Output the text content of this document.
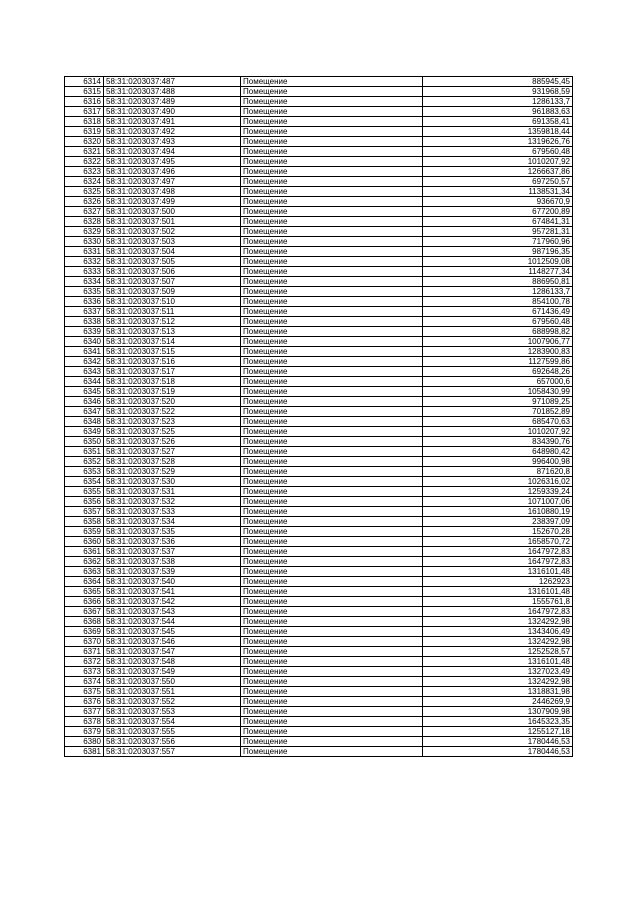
6314	58:31:0203037:487	Помещение	885945,45
6315	58:31:0203037:488	Помещение	931968,59
6316	58:31:0203037:489	Помещение	1286133,7
6317	58:31:0203037:490	Помещение	961883,63
6318	58:31:0203037:491	Помещение	691358,41
6319	58:31:0203037:492	Помещение	1359818,44
6320	58:31:0203037:493	Помещение	1319626,76
6321	58:31:0203037:494	Помещение	679560,48
6322	58:31:0203037:495	Помещение	1010207,92
6323	58:31:0203037:496	Помещение	1266637,86
6324	58:31:0203037:497	Помещение	697250,57
6325	58:31:0203037:498	Помещение	1138531,34
6326	58:31:0203037:499	Помещение	936670,9
6327	58:31:0203037:500	Помещение	677200,89
6328	58:31:0203037:501	Помещение	674841,31
6329	58:31:0203037:502	Помещение	957281,31
6330	58:31:0203037:503	Помещение	717960,96
6331	58:31:0203037:504	Помещение	987196,35
6332	58:31:0203037:505	Помещение	1012509,08
6333	58:31:0203037:506	Помещение	1148277,34
6334	58:31:0203037:507	Помещение	886950,81
6335	58:31:0203037:509	Помещение	1286133,7
6336	58:31:0203037:510	Помещение	854100,78
6337	58:31:0203037:511	Помещение	671436,49
6338	58:31:0203037:512	Помещение	679560,48
6339	58:31:0203037:513	Помещение	688998,82
6340	58:31:0203037:514	Помещение	1007906,77
6341	58:31:0203037:515	Помещение	1283900,83
6342	58:31:0203037:516	Помещение	1127599,86
6343	58:31:0203037:517	Помещение	692648,26
6344	58:31:0203037:518	Помещение	657000,6
6345	58:31:0203037:519	Помещение	1058430,99
6346	58:31:0203037:520	Помещение	971089,25
6347	58:31:0203037:522	Помещение	701852,89
6348	58:31:0203037:523	Помещение	685470,63
6349	58:31:0203037:525	Помещение	1010207,92
6350	58:31:0203037:526	Помещение	834390,76
6351	58:31:0203037:527	Помещение	648980,42
6352	58:31:0203037:528	Помещение	996400,98
6353	58:31:0203037:529	Помещение	871620,8
6354	58:31:0203037:530	Помещение	1026316,02
6355	58:31:0203037:531	Помещение	1259339,24
6356	58:31:0203037:532	Помещение	1071007,06
6357	58:31:0203037:533	Помещение	1610880,19
6358	58:31:0203037:534	Помещение	238397,09
6359	58:31:0203037:535	Помещение	152670,28
6360	58:31:0203037:536	Помещение	1658570,72
6361	58:31:0203037:537	Помещение	1647972,83
6362	58:31:0203037:538	Помещение	1647972,83
6363	58:31:0203037:539	Помещение	1316101,48
6364	58:31:0203037:540	Помещение	1262923
6365	58:31:0203037:541	Помещение	1316101,48
6366	58:31:0203037:542	Помещение	1555761,8
6367	58:31:0203037:543	Помещение	1647972,83
6368	58:31:0203037:544	Помещение	1324292,98
6369	58:31:0203037:545	Помещение	1343406,49
6370	58:31:0203037:546	Помещение	1324292,98
6371	58:31:0203037:547	Помещение	1252528,57
6372	58:31:0203037:548	Помещение	1316101,48
6373	58:31:0203037:549	Помещение	1327023,49
6374	58:31:0203037:550	Помещение	1324292,98
6375	58:31:0203037:551	Помещение	1318831,98
6376	58:31:0203037:552	Помещение	2446269,9
6377	58:31:0203037:553	Помещение	1307909,98
6378	58:31:0203037:554	Помещение	1645323,35
6379	58:31:0203037:555	Помещение	1255127,18
6380	58:31:0203037:556	Помещение	1780446,53
6381	58:31:0203037:557	Помещение	1780446,53
